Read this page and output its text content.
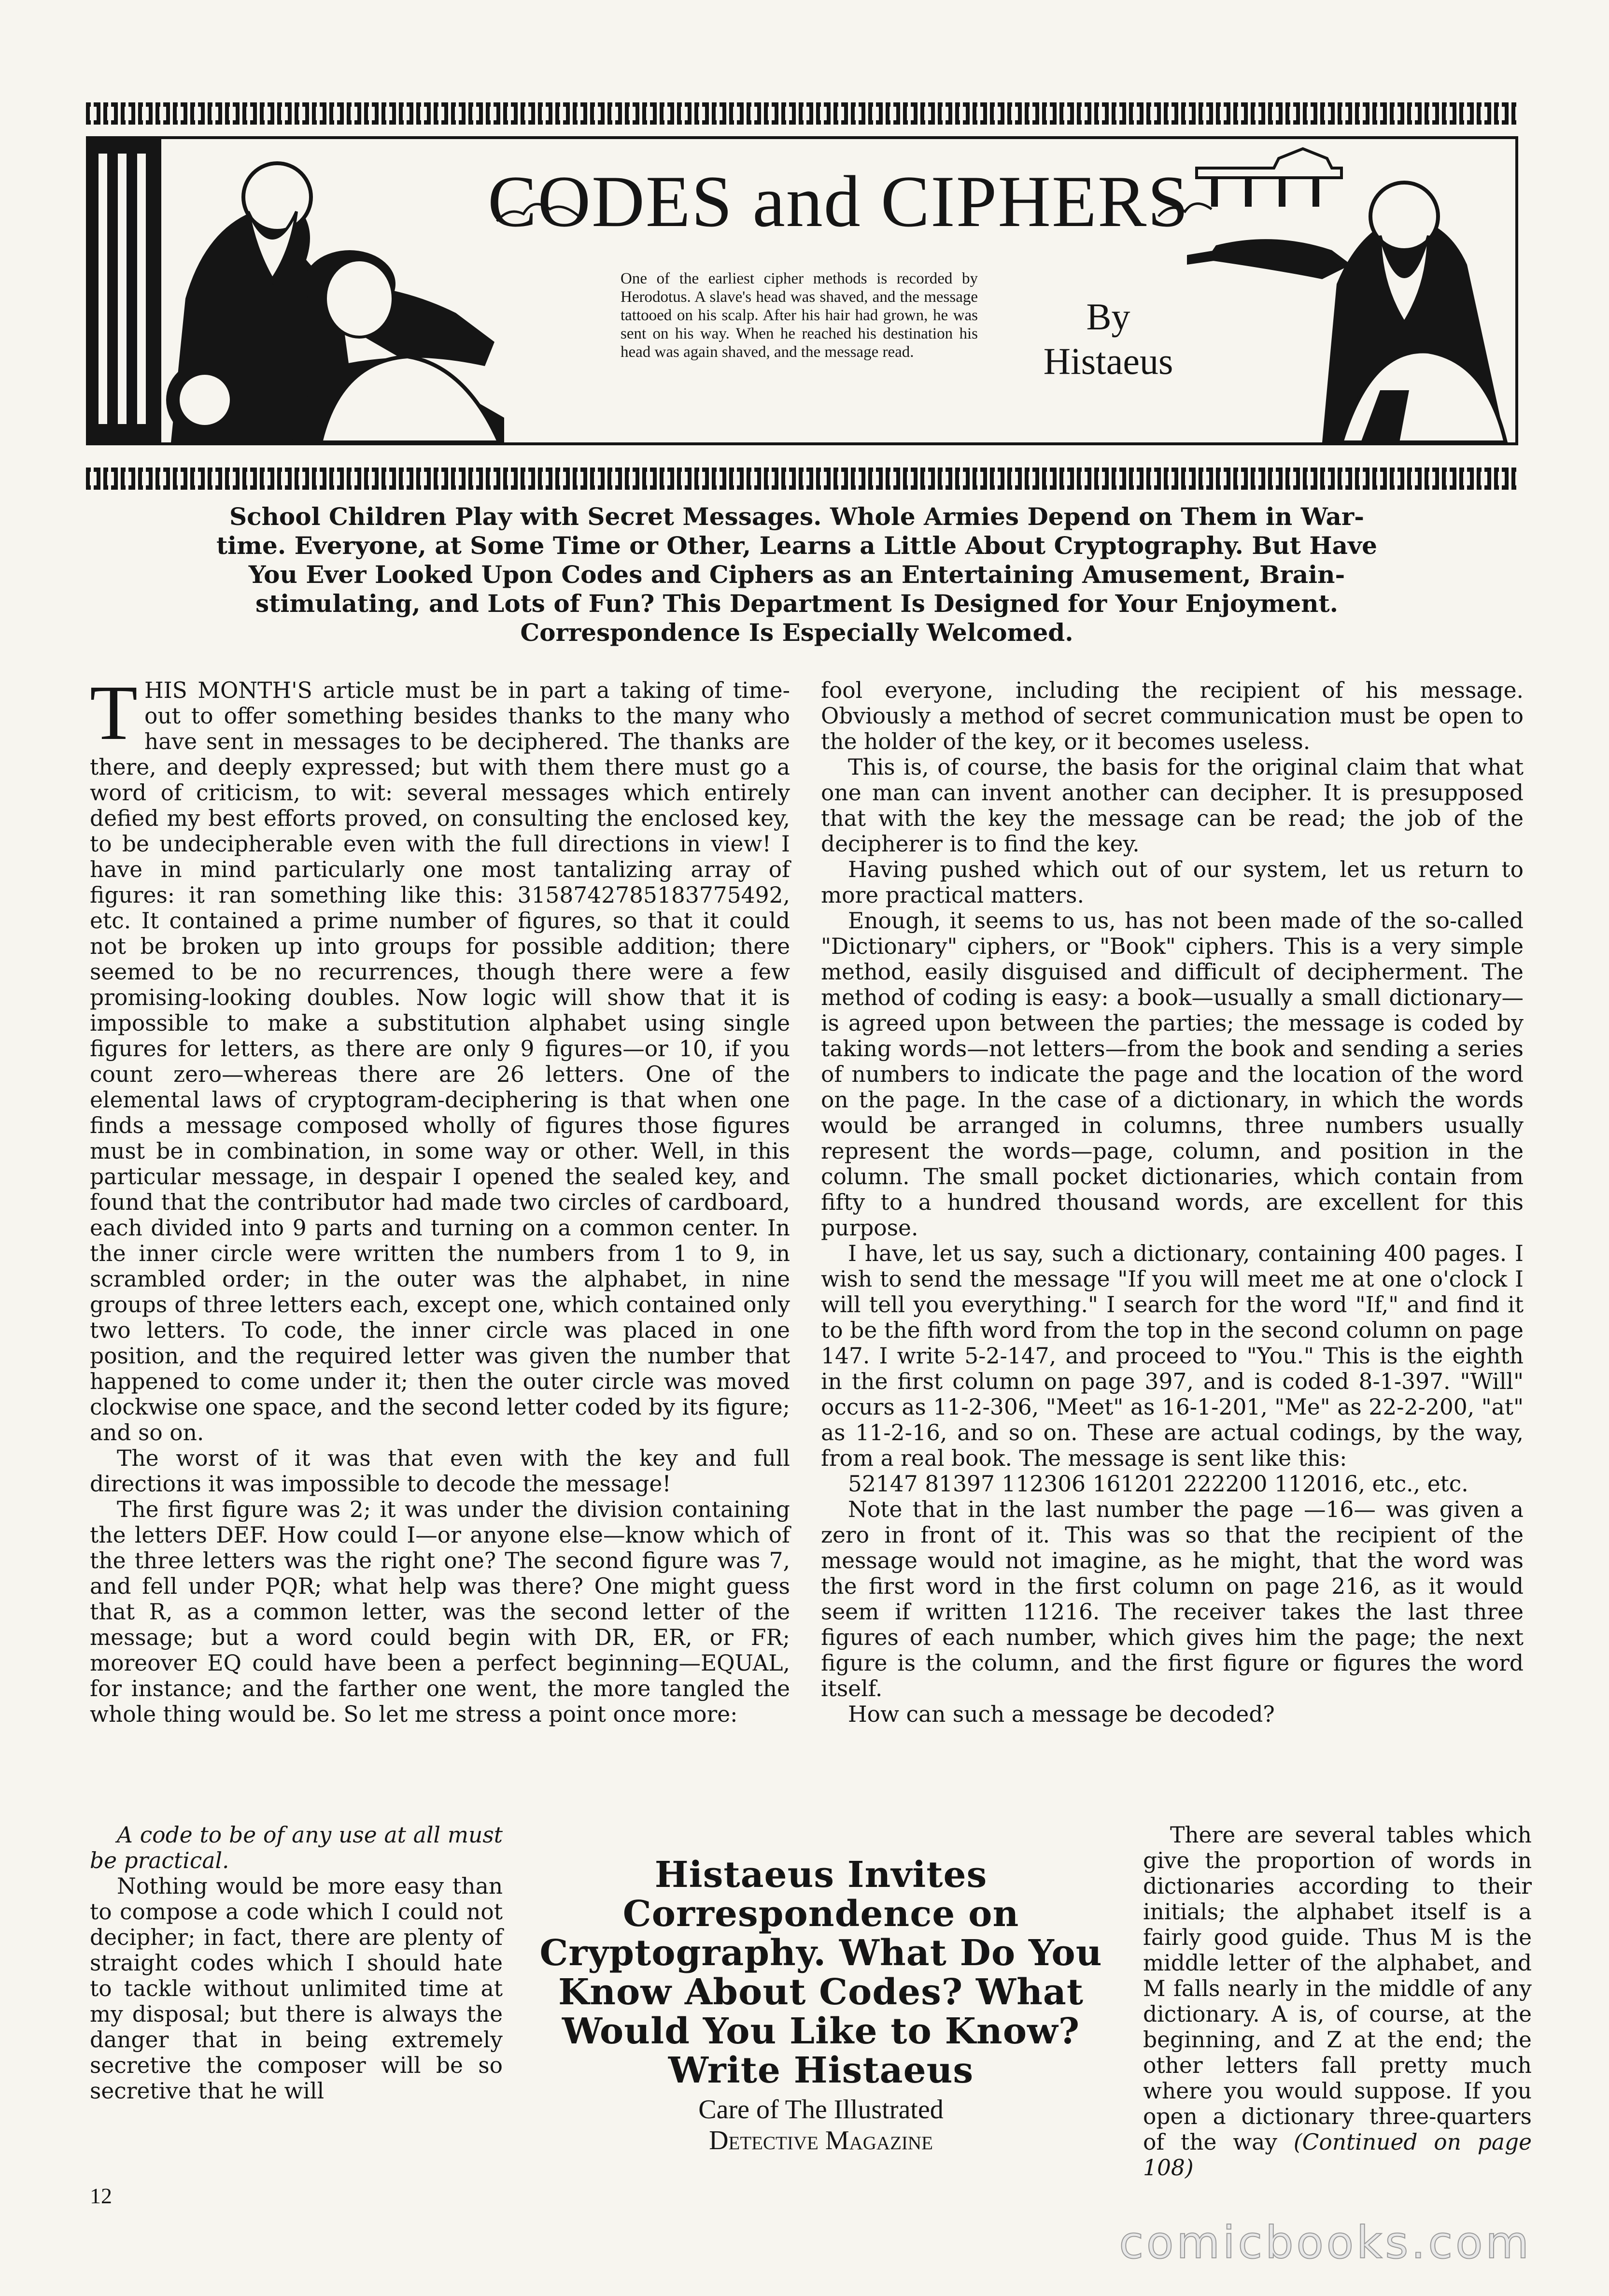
CODES and CIPHERS
One of the earliest cipher methods is recorded by Herodotus. A slave's head was shaved, and the message tattooed on his scalp. After his hair had grown, he was sent on his way. When he reached his destination his head was again shaved, and the message read.
By
Histaeus
School Children Play with Secret Messages. Whole Armies Depend on Them in War-time. Everyone, at Some Time or Other, Learns a Little About Cryptography. But Have You Ever Looked Upon Codes and Ciphers as an Entertaining Amusement, Brain-stimulating, and Lots of Fun? This Department Is Designed for Your Enjoyment. Correspondence Is Especially Welcomed.

THIS MONTH'S article must be in part a taking of time-out to offer something besides thanks to the many who have sent in messages to be deciphered. The thanks are there, and deeply expressed; but with them there must go a word of criticism, to wit: several messages which entirely defied my best efforts proved, on consulting the enclosed key, to be undecipherable even with the full directions in view! I have in mind particularly one most tantalizing array of figures: it ran something like this: 3158742785183775492, etc. It contained a prime number of figures, so that it could not be broken up into groups for possible addition; there seemed to be no recurrences, though there were a few promising-looking doubles. Now logic will show that it is impossible to make a substitution alphabet using single figures for letters, as there are only 9 figures—or 10, if you count zero—whereas there are 26 letters. One of the elemental laws of cryptogram-deciphering is that when one finds a message composed wholly of figures those figures must be in combination, in some way or other. Well, in this particular message, in despair I opened the sealed key, and found that the contributor had made two circles of cardboard, each divided into 9 parts and turning on a common center. In the inner circle were written the numbers from 1 to 9, in scrambled order; in the outer was the alphabet, in nine groups of three letters each, except one, which contained only two letters. To code, the inner circle was placed in one position, and the required letter was given the number that happened to come under it; then the outer circle was moved clockwise one space, and the second letter coded by its figure; and so on.

The worst of it was that even with the key and full directions it was impossible to decode the message!

The first figure was 2; it was under the division containing the letters DEF. How could I—or anyone else—know which of the three letters was the right one? The second figure was 7, and fell under PQR; what help was there? One might guess that R, as a common letter, was the second letter of the message; but a word could begin with DR, ER, or FR; moreover EQ could have been a perfect beginning—EQUAL, for instance; and the farther one went, the more tangled the whole thing would be. So let me stress a point once more:

A code to be of any use at all must be practical.

Nothing would be more easy than to compose a code which I could not decipher; in fact, there are plenty of straight codes which I should hate to tackle without unlimited time at my disposal; but there is always the danger that in being extremely secretive the composer will be so secretive that he will

fool everyone, including the recipient of his message. Obviously a method of secret communication must be open to the holder of the key, or it becomes useless.

This is, of course, the basis for the original claim that what one man can invent another can decipher. It is presupposed that with the key the message can be read; the job of the decipherer is to find the key.

Having pushed which out of our system, let us return to more practical matters.

Enough, it seems to us, has not been made of the so-called "Dictionary" ciphers, or "Book" ciphers. This is a very simple method, easily disguised and difficult of decipherment. The method of coding is easy: a book—usually a small dictionary—is agreed upon between the parties; the message is coded by taking words—not letters—from the book and sending a series of numbers to indicate the page and the location of the word on the page. In the case of a dictionary, in which the words would be arranged in columns, three numbers usually represent the words—page, column, and position in the column. The small pocket dictionaries, which contain from fifty to a hundred thousand words, are excellent for this purpose.

I have, let us say, such a dictionary, containing 400 pages. I wish to send the message "If you will meet me at one o'clock I will tell you everything." I search for the word "If," and find it to be the fifth word from the top in the second column on page 147. I write 5-2-147, and proceed to "You." This is the eighth in the first column on page 397, and is coded 8-1-397. "Will" occurs as 11-2-306, "Meet" as 16-1-201, "Me" as 22-2-200, "at" as 11-2-16, and so on. These are actual codings, by the way, from a real book. The message is sent like this:

52147 81397 112306 161201 222200 112016, etc., etc.

Note that in the last number the page —16— was given a zero in front of it. This was so that the recipient of the message would not imagine, as he might, that the word was the first word in the first column on page 216, as it would seem if written 11216. The receiver takes the last three figures of each number, which gives him the page; the next figure is the column, and the first figure or figures the word itself.

How can such a message be decoded?

There are several tables which give the proportion of words in dictionaries according to their initials; the alphabet itself is a fairly good guide. Thus M is the middle letter of the alphabet, and M falls nearly in the middle of any dictionary. A is, of course, at the beginning, and Z at the end; the other letters fall pretty much where you would suppose. If you open a dictionary three-quarters of the way (Continued on page 108)

Histaeus Invites Correspondence on Cryptography. What Do You Know About Codes? What Would You Like to Know? Write Histaeus
Care of The Illustrated
Detective Magazine
12
comicbooks.com
